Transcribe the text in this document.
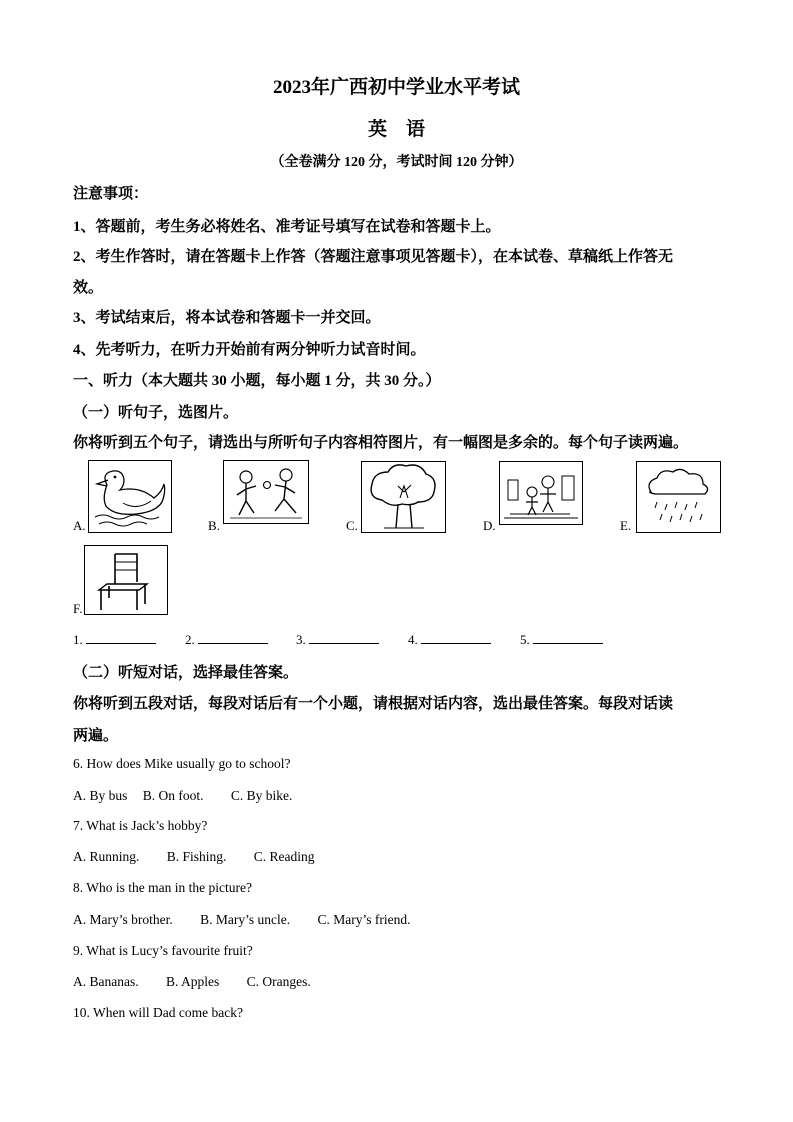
2023年广西初中学业水平考试
英　语
（全卷满分 120 分，考试时间 120 分钟）
注意事项：
1、答题前，考生务必将姓名、准考证号填写在试卷和答题卡上。
2、考生作答时，请在答题卡上作答（答题注意事项见答题卡），在本试卷、草稿纸上作答无
效。
3、考试结束后，将本试卷和答题卡一并交回。
4、先考听力，在听力开始前有两分钟听力试音时间。
一、听力（本大题共 30 小题，每小题 1 分，共 30 分。）
（一）听句子，选图片。
你将听到五个句子，请选出与所听句子内容相符图片，有一幅图是多余的。每个句子读两遍。
A.	B.	C.	D.	E.
F.
1.	2.	3.	4.	5.
（二）听短对话，选择最佳答案。
你将听到五段对话，每段对话后有一个小题，请根据对话内容，选出最佳答案。每段对话读
两遍。
6. How does Mike usually go to school?
A. By bus B. On foot. C. By bike.
7. What is Jack’s hobby?
A. Running. B. Fishing. C. Reading
8. Who is the man in the picture?
A. Mary’s brother. B. Mary’s uncle. C. Mary’s friend.
9. What is Lucy’s favourite fruit?
A. Bananas. B. Apples C. Oranges.
10. When will Dad come back?
